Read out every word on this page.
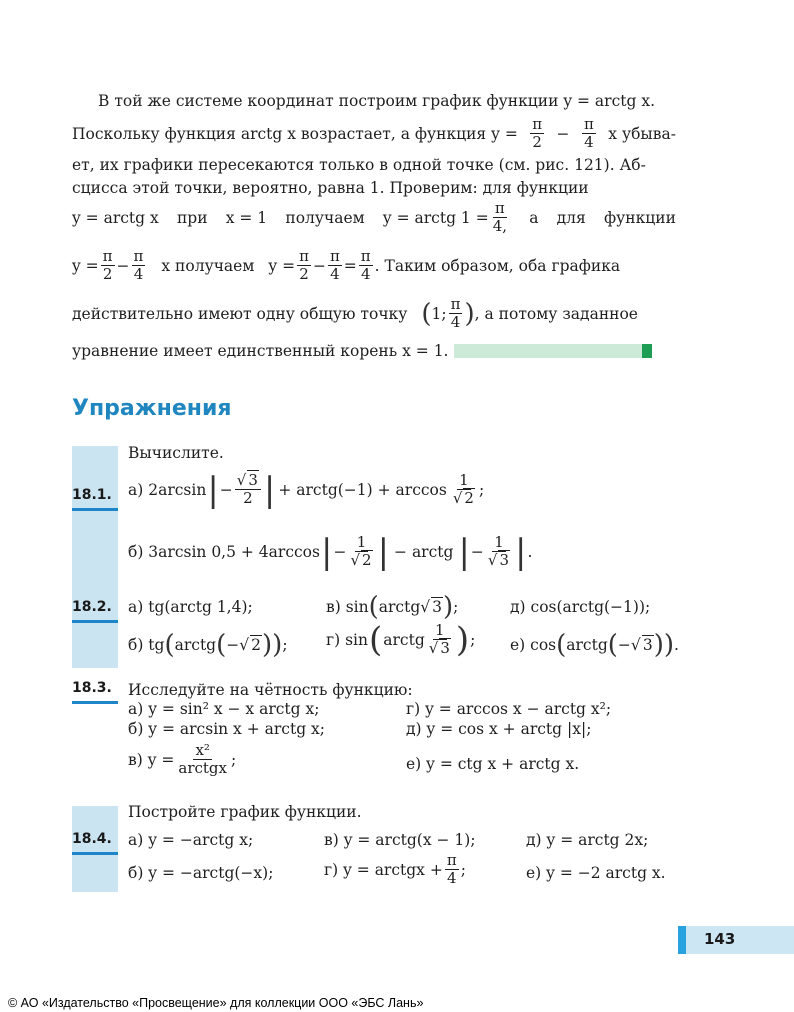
В той же системе координат построим график функции y = arctg x.
Поскольку функция arctg x возрастает, а функция $y = \frac{\pi}{2} - \frac{\pi}{4}$ x убыва-
ет, их графики пересекаются только в одной точке (см. рис. 121). Аб-
сцисса этой точки, вероятно, равна 1. Проверим: для функции
y = arctg x при x = 1 получаем y = arctg $1 = \frac{\pi}{4,}$ а для функции
$y = \frac{\pi}{2} - \frac{\pi}{4}$ x получаем $y = \frac{\pi}{2} - \frac{\pi}{4} = \frac{\pi}{4}$ . Таким образом, оба графика
действительно имеют одну общую точку ( 1; $\frac{\pi}{4}$ ) , а потому заданное
уравнение имеет единственный корень x = 1.
Упражнения
Вычислите.
18.1. а) 2arcsin | − $\frac{√ 3}{2}$ | + arctg(−1) + $\arccos \frac{1}{√ 2}$ ;
б) 3arcsin 0,5 + 4arccos | − $\frac{1}{√ 2}$ | − arctg | − $\frac{1}{√ 3}$ | .
18.2. а) tg(arctg 1,4);	в) sin ( arctg √ 3 ) ;	д) cos(arctg(−1));
б) tg ( arctg ( − √ 2 )) ; г) sin ( arctg $\frac{1}{√ 3}$ ) ; е) cos ( arctg ( − √ 3 )) .
18.3. Исследуйте на чётность функцию:
а) y = sin² x − x arctg x;	г) y = arccos x − arctg x²;
б) y = arcsin x + arctg x;	д) y = cos x + arctg |x|;
в) $y = \frac{\text{x²}}{\text{arctgx}}$ ;	е) y = ctg x + arctg x.
Постройте график функции.
18.4. а) y = −arctg x;	в) y = arctg(x − 1);	д) y = arctg 2x;
б) y = −arctg(−x);	г) y = arctgx + $\frac{\pi}{4}$ ;	е) y = −2 arctg x.
143
© АО «Издательство «Просвещение» для коллекции ООО «ЭБС Лань»
